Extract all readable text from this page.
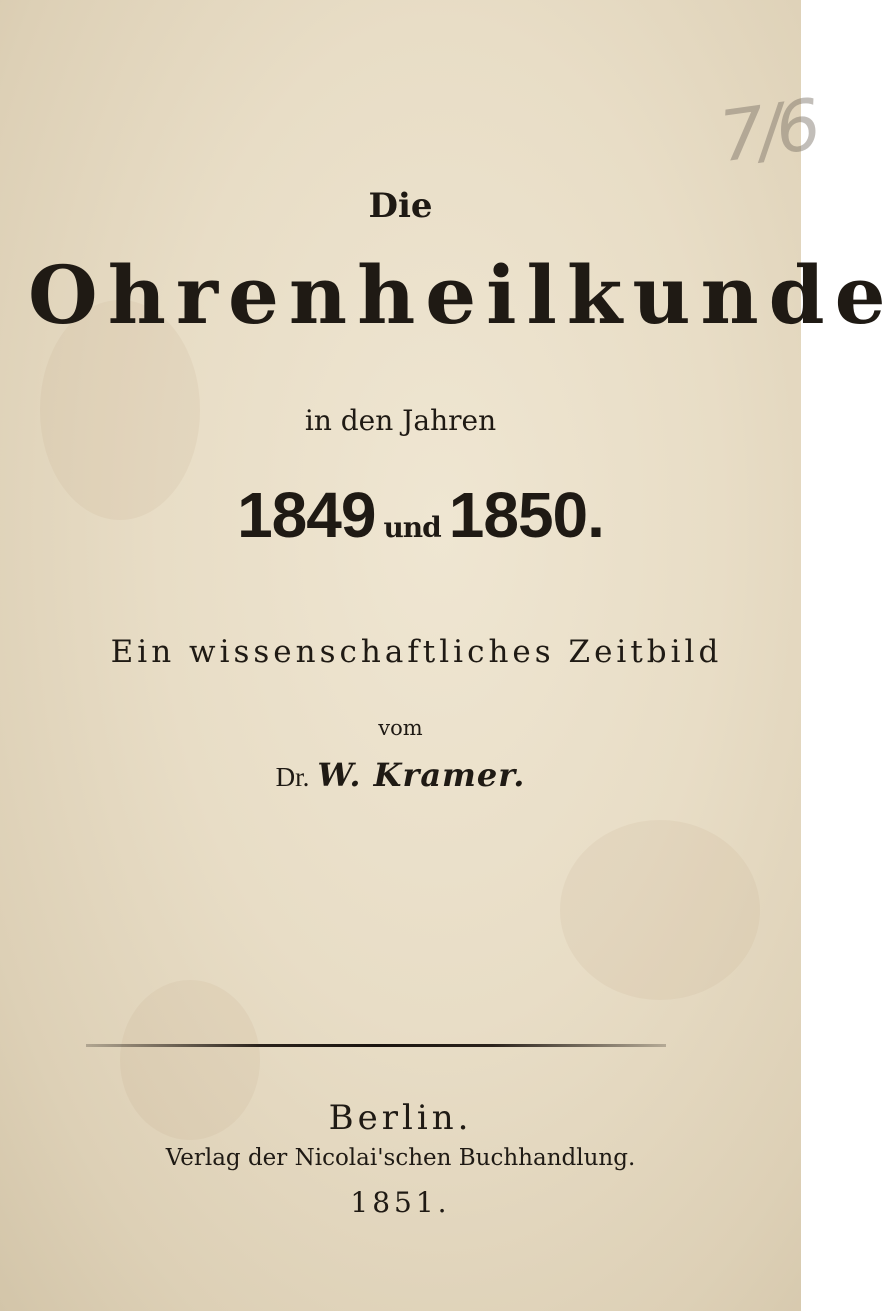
7/6
Die
Ohrenheilkunde
in den Jahren
1849 und 1850.
Ein wissenschaftliches Zeitbild
vom
Dr. W. Kramer.
Berlin.
Verlag der Nicolai'schen Buchhandlung.
1851.
